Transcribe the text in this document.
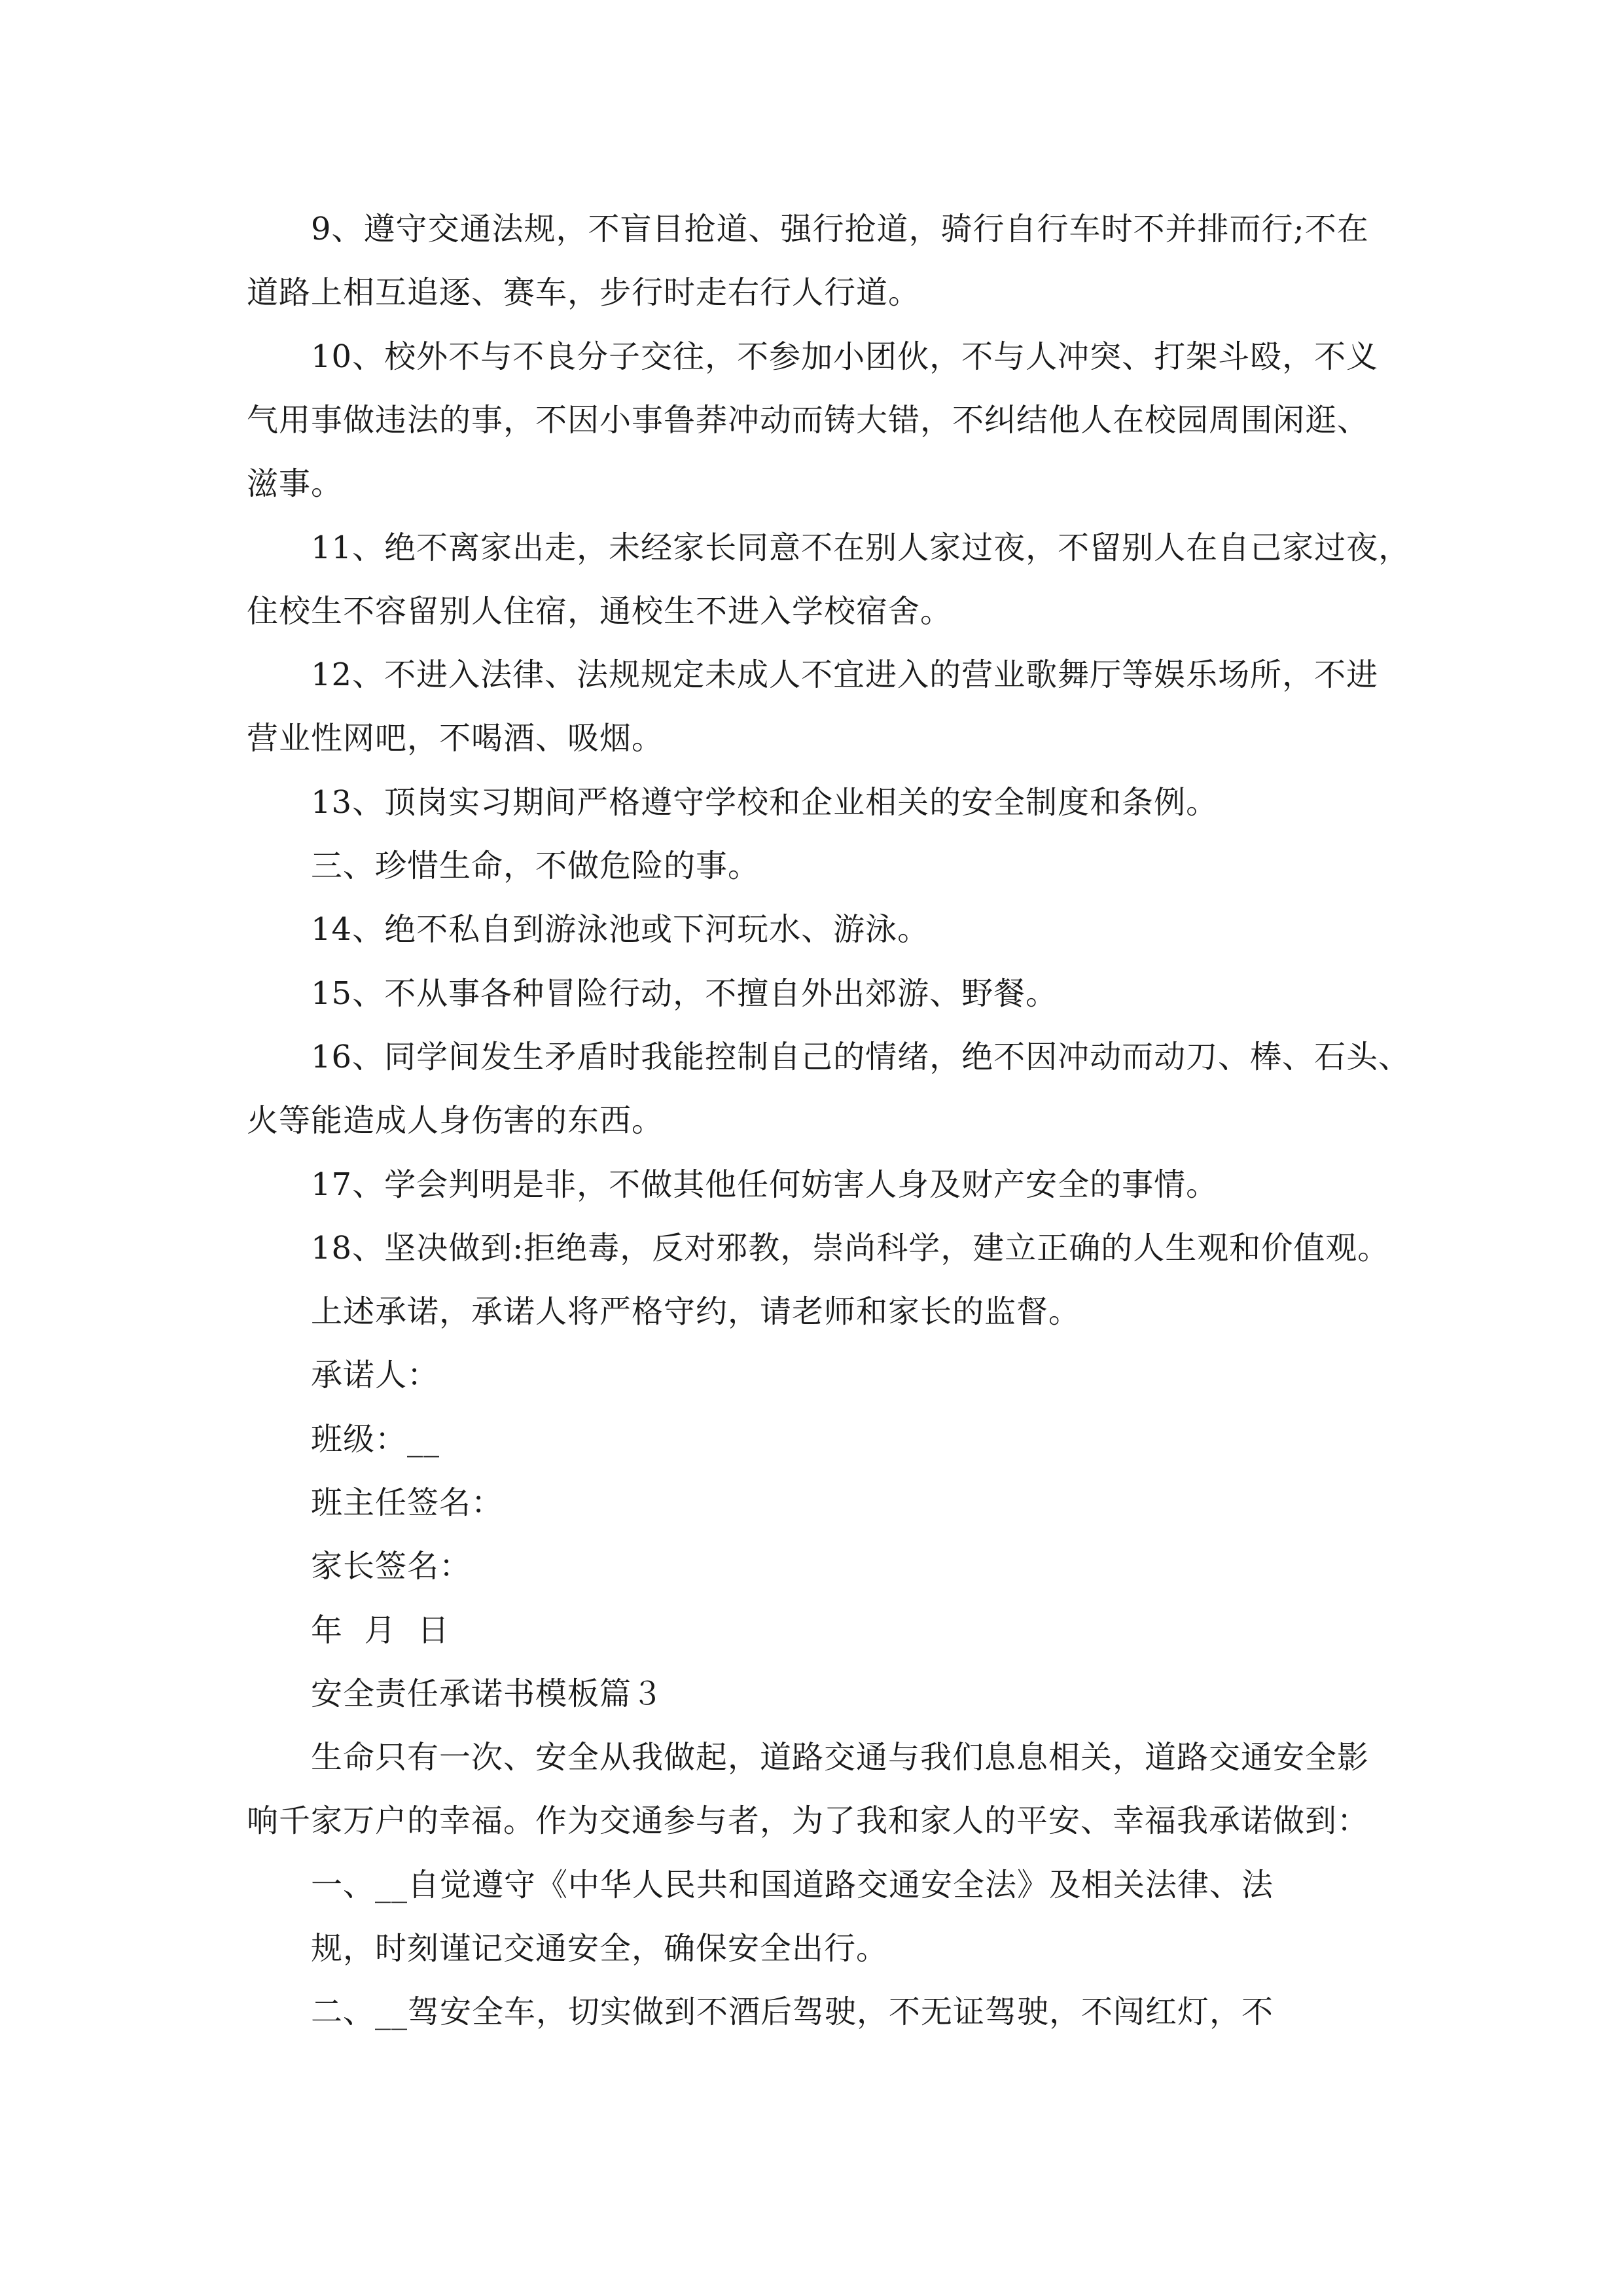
9、遵守交通法规，不盲目抢道、强行抢道，骑行自行车时不并排而行;不在
道路上相互追逐、赛车，步行时走右行人行道。
10、校外不与不良分子交往，不参加小团伙，不与人冲突、打架斗殴，不义
气用事做违法的事，不因小事鲁莽冲动而铸大错，不纠结他人在校园周围闲逛、
滋事。
11、绝不离家出走，未经家长同意不在别人家过夜，不留别人在自己家过夜，
住校生不容留别人住宿，通校生不进入学校宿舍。
12、不进入法律、法规规定未成人不宜进入的营业歌舞厅等娱乐场所，不进
营业性网吧，不喝酒、吸烟。
13、顶岗实习期间严格遵守学校和企业相关的安全制度和条例。
三、珍惜生命，不做危险的事。
14、绝不私自到游泳池或下河玩水、游泳。
15、不从事各种冒险行动，不擅自外出郊游、野餐。
16、同学间发生矛盾时我能控制自己的情绪，绝不因冲动而动刀、棒、石头、
火等能造成人身伤害的东西。
17、学会判明是非，不做其他任何妨害人身及财产安全的事情。
18、坚决做到:拒绝毒，反对邪教，崇尚科学，建立正确的人生观和价值观。
上述承诺，承诺人将严格守约，请老师和家长的监督。
承诺人：
班级：__
班主任签名：
家长签名：
年  月  日
安全责任承诺书模板篇３
生命只有一次、安全从我做起，道路交通与我们息息相关，道路交通安全影
响千家万户的幸福。作为交通参与者，为了我和家人的平安、幸福我承诺做到：
一、__自觉遵守《中华人民共和国道路交通安全法》及相关法律、法
规，时刻谨记交通安全，确保安全出行。
二、__驾安全车，切实做到不酒后驾驶，不无证驾驶，不闯红灯，不
